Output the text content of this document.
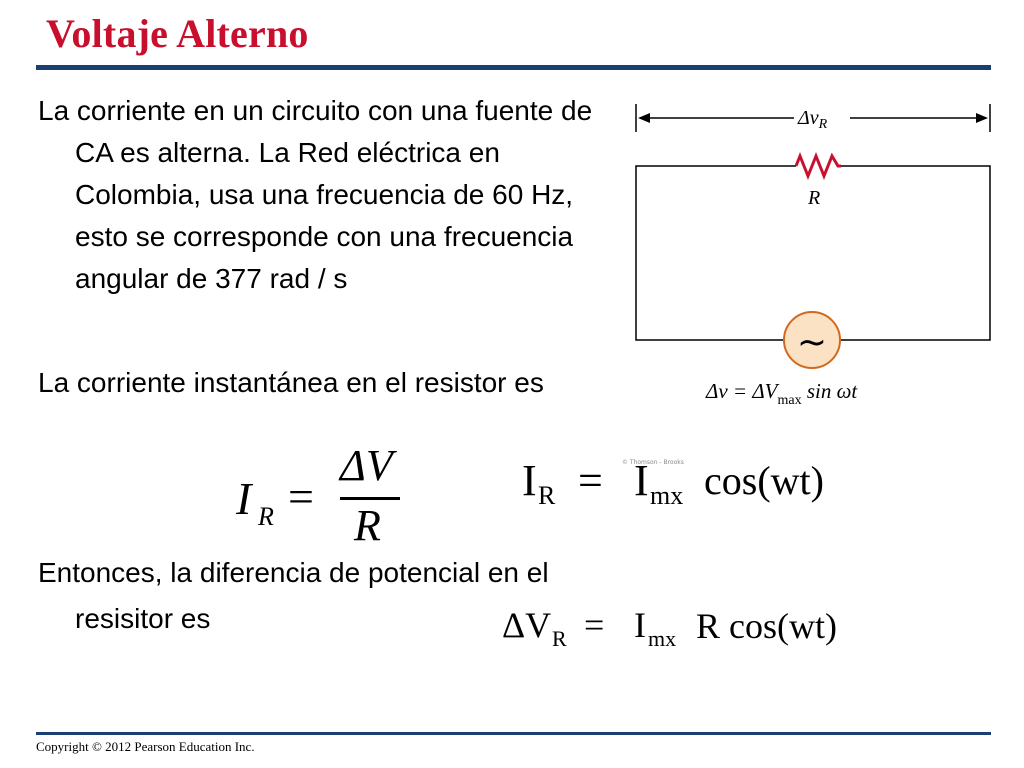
Voltaje Alterno
La corriente en un circuito con una fuente de CA es alterna. La Red eléctrica en Colombia, usa una frecuencia de 60 Hz, esto se corresponde con una frecuencia angular de 377 rad / s
La corriente instantánea en el resistor es
Entonces, la diferencia de potencial en el resisitor es
$\Delta v_R$
R
~
© Thomson - Brooks
$\Delta v = \Delta V_{max}$ sin ωt
I R =
ΔV
R
I R = I mx cos(wt)
ΔV R = I mx R cos(wt)
Copyright © 2012 Pearson Education Inc.
